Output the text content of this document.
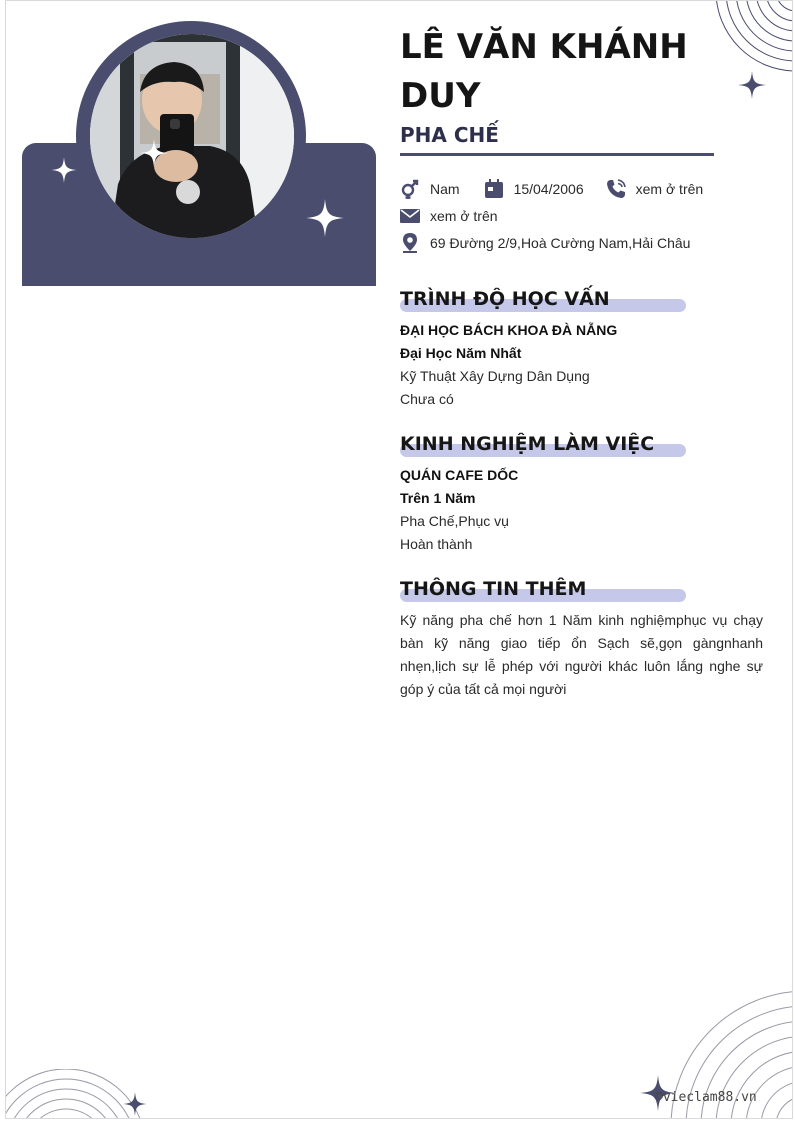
LÊ VĂN KHÁNH DUY
PHA CHẾ
Nam	15/04/2006	xem ở trên
xem ở trên
69 Đường 2/9,Hoà Cường Nam,Hải Châu
TRÌNH ĐỘ HỌC VẤN
ĐẠI HỌC BÁCH KHOA ĐÀ NẴNG
Đại Học Năm Nhất
Kỹ Thuật Xây Dựng Dân Dụng
Chưa có
KINH NGHIỆM LÀM VIỆC
QUÁN CAFE DỐC
Trên 1 Năm
Pha Chế,Phục vụ
Hoàn thành
THÔNG TIN THÊM

Kỹ năng pha chế hơn 1 Năm kinh nghiệmphục vụ chạy bàn kỹ năng giao tiếp ổn Sạch sẽ,gọn gàngnhanh nhẹn,lịch sự lễ phép với người khác luôn lắng nghe sự góp ý của tất cả mọi người

©vieclam88.vn
